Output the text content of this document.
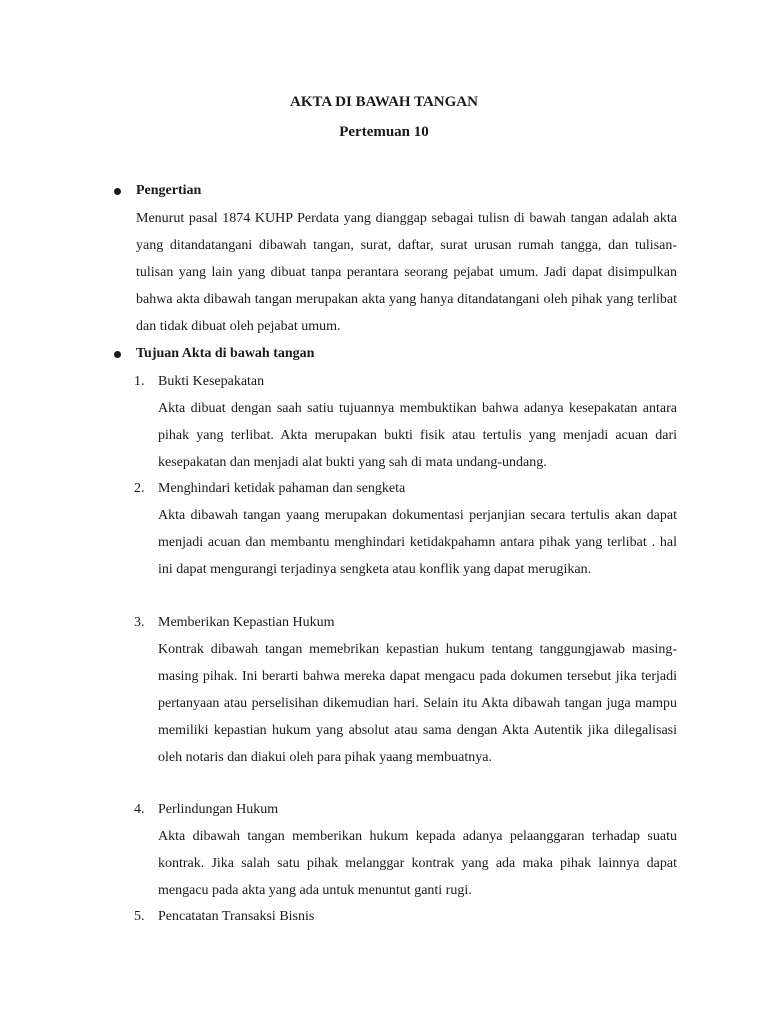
AKTA DI BAWAH TANGAN
Pertemuan 10
Pengertian
Menurut pasal 1874 KUHP Perdata yang dianggap sebagai tulisn di bawah tangan adalah akta yang ditandatangani dibawah tangan, surat, daftar, surat urusan rumah tangga, dan tulisan-tulisan yang lain yang dibuat tanpa perantara seorang pejabat umum. Jadi dapat disimpulkan bahwa akta dibawah tangan merupakan akta yang hanya ditandatangani oleh pihak yang terlibat dan tidak dibuat oleh pejabat umum.
Tujuan Akta di bawah tangan
1. Bukti Kesepakatan
Akta dibuat dengan saah satiu tujuannya membuktikan bahwa adanya kesepakatan antara pihak yang terlibat. Akta merupakan bukti fisik atau tertulis yang menjadi acuan dari kesepakatan dan menjadi alat bukti yang sah di mata undang-undang.
2. Menghindari ketidak pahaman dan sengketa
Akta dibawah tangan yaang merupakan dokumentasi perjanjian secara tertulis akan dapat menjadi acuan dan membantu menghindari ketidakpahamn antara pihak yang terlibat . hal ini dapat mengurangi terjadinya sengketa atau konflik yang dapat merugikan.
3. Memberikan Kepastian Hukum
Kontrak dibawah tangan memebrikan kepastian hukum tentang tanggungjawab masing-masing pihak. Ini berarti bahwa mereka dapat mengacu pada dokumen tersebut jika terjadi pertanyaan atau perselisihan dikemudian hari. Selain itu Akta dibawah tangan juga mampu memiliki kepastian hukum yang absolut atau sama dengan Akta Autentik jika dilegalisasi oleh notaris dan diakui oleh para pihak yaang membuatnya.
4. Perlindungan Hukum
Akta dibawah tangan memberikan hukum kepada adanya pelaanggaran terhadap suatu kontrak. Jika salah satu pihak melanggar kontrak yang ada maka pihak lainnya dapat mengacu pada akta yang ada untuk menuntut ganti rugi.
5. Pencatatan Transaksi Bisnis
